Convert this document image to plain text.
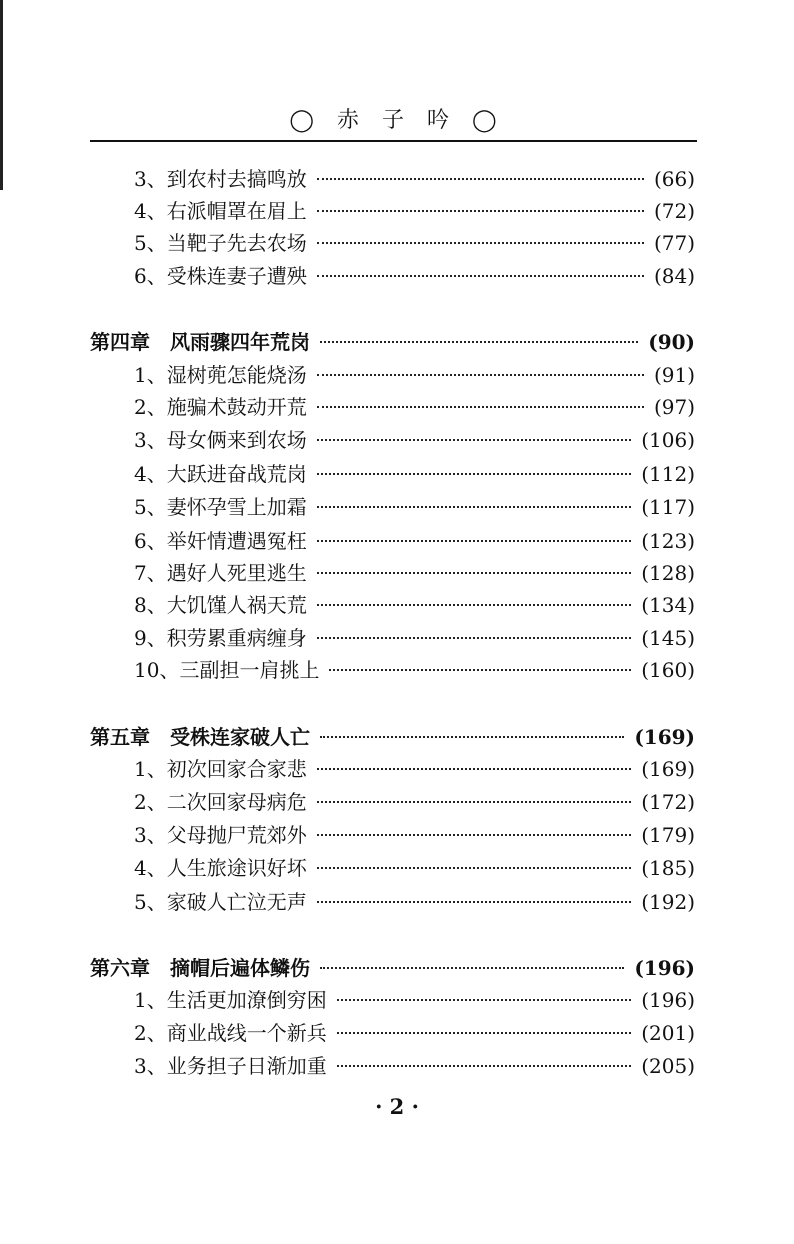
◯ 赤 子 吟 ◯
3、到农村去搞鸣放	(66)
4、右派帽罩在眉上	(72)
5、当靶子先去农场	(77)
6、受株连妻子遭殃	(84)
第四章　风雨骤四年荒岗	(90)
1、湿树蔸怎能烧汤	(91)
2、施骗术鼓动开荒	(97)
3、母女俩来到农场	(106)
4、大跃进奋战荒岗	(112)
5、妻怀孕雪上加霜	(117)
6、举奸情遭遇冤枉	(123)
7、遇好人死里逃生	(128)
8、大饥馑人祸天荒	(134)
9、积劳累重病缠身	(145)
10、三副担一肩挑上	(160)
第五章　受株连家破人亡	(169)
1、初次回家合家悲	(169)
2、二次回家母病危	(172)
3、父母抛尸荒郊外	(179)
4、人生旅途识好坏	(185)
5、家破人亡泣无声	(192)
第六章　摘帽后遍体鳞伤	(196)
1、生活更加潦倒穷困	(196)
2、商业战线一个新兵	(201)
3、业务担子日渐加重	(205)
· 2 ·
